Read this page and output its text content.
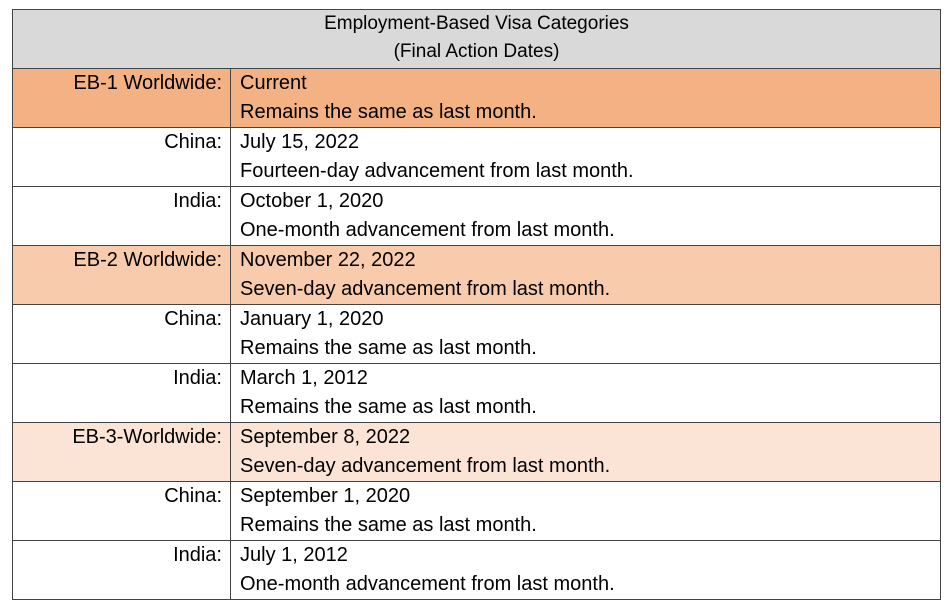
Employment-Based Visa Categories
(Final Action Dates)	

EB-1 Worldwide:	Current
Remains the same as last month.

China:	July 15, 2022
Fourteen-day advancement from last month.

India:	October 1, 2020
One-month advancement from last month.

EB-2 Worldwide:	November 22, 2022
Seven-day advancement from last month.

China:	January 1, 2020
Remains the same as last month.

India:	March 1, 2012
Remains the same as last month.

EB-3-Worldwide:	September 8, 2022
Seven-day advancement from last month.

China:	September 1, 2020
Remains the same as last month.

India:	July 1, 2012
One-month advancement from last month.
